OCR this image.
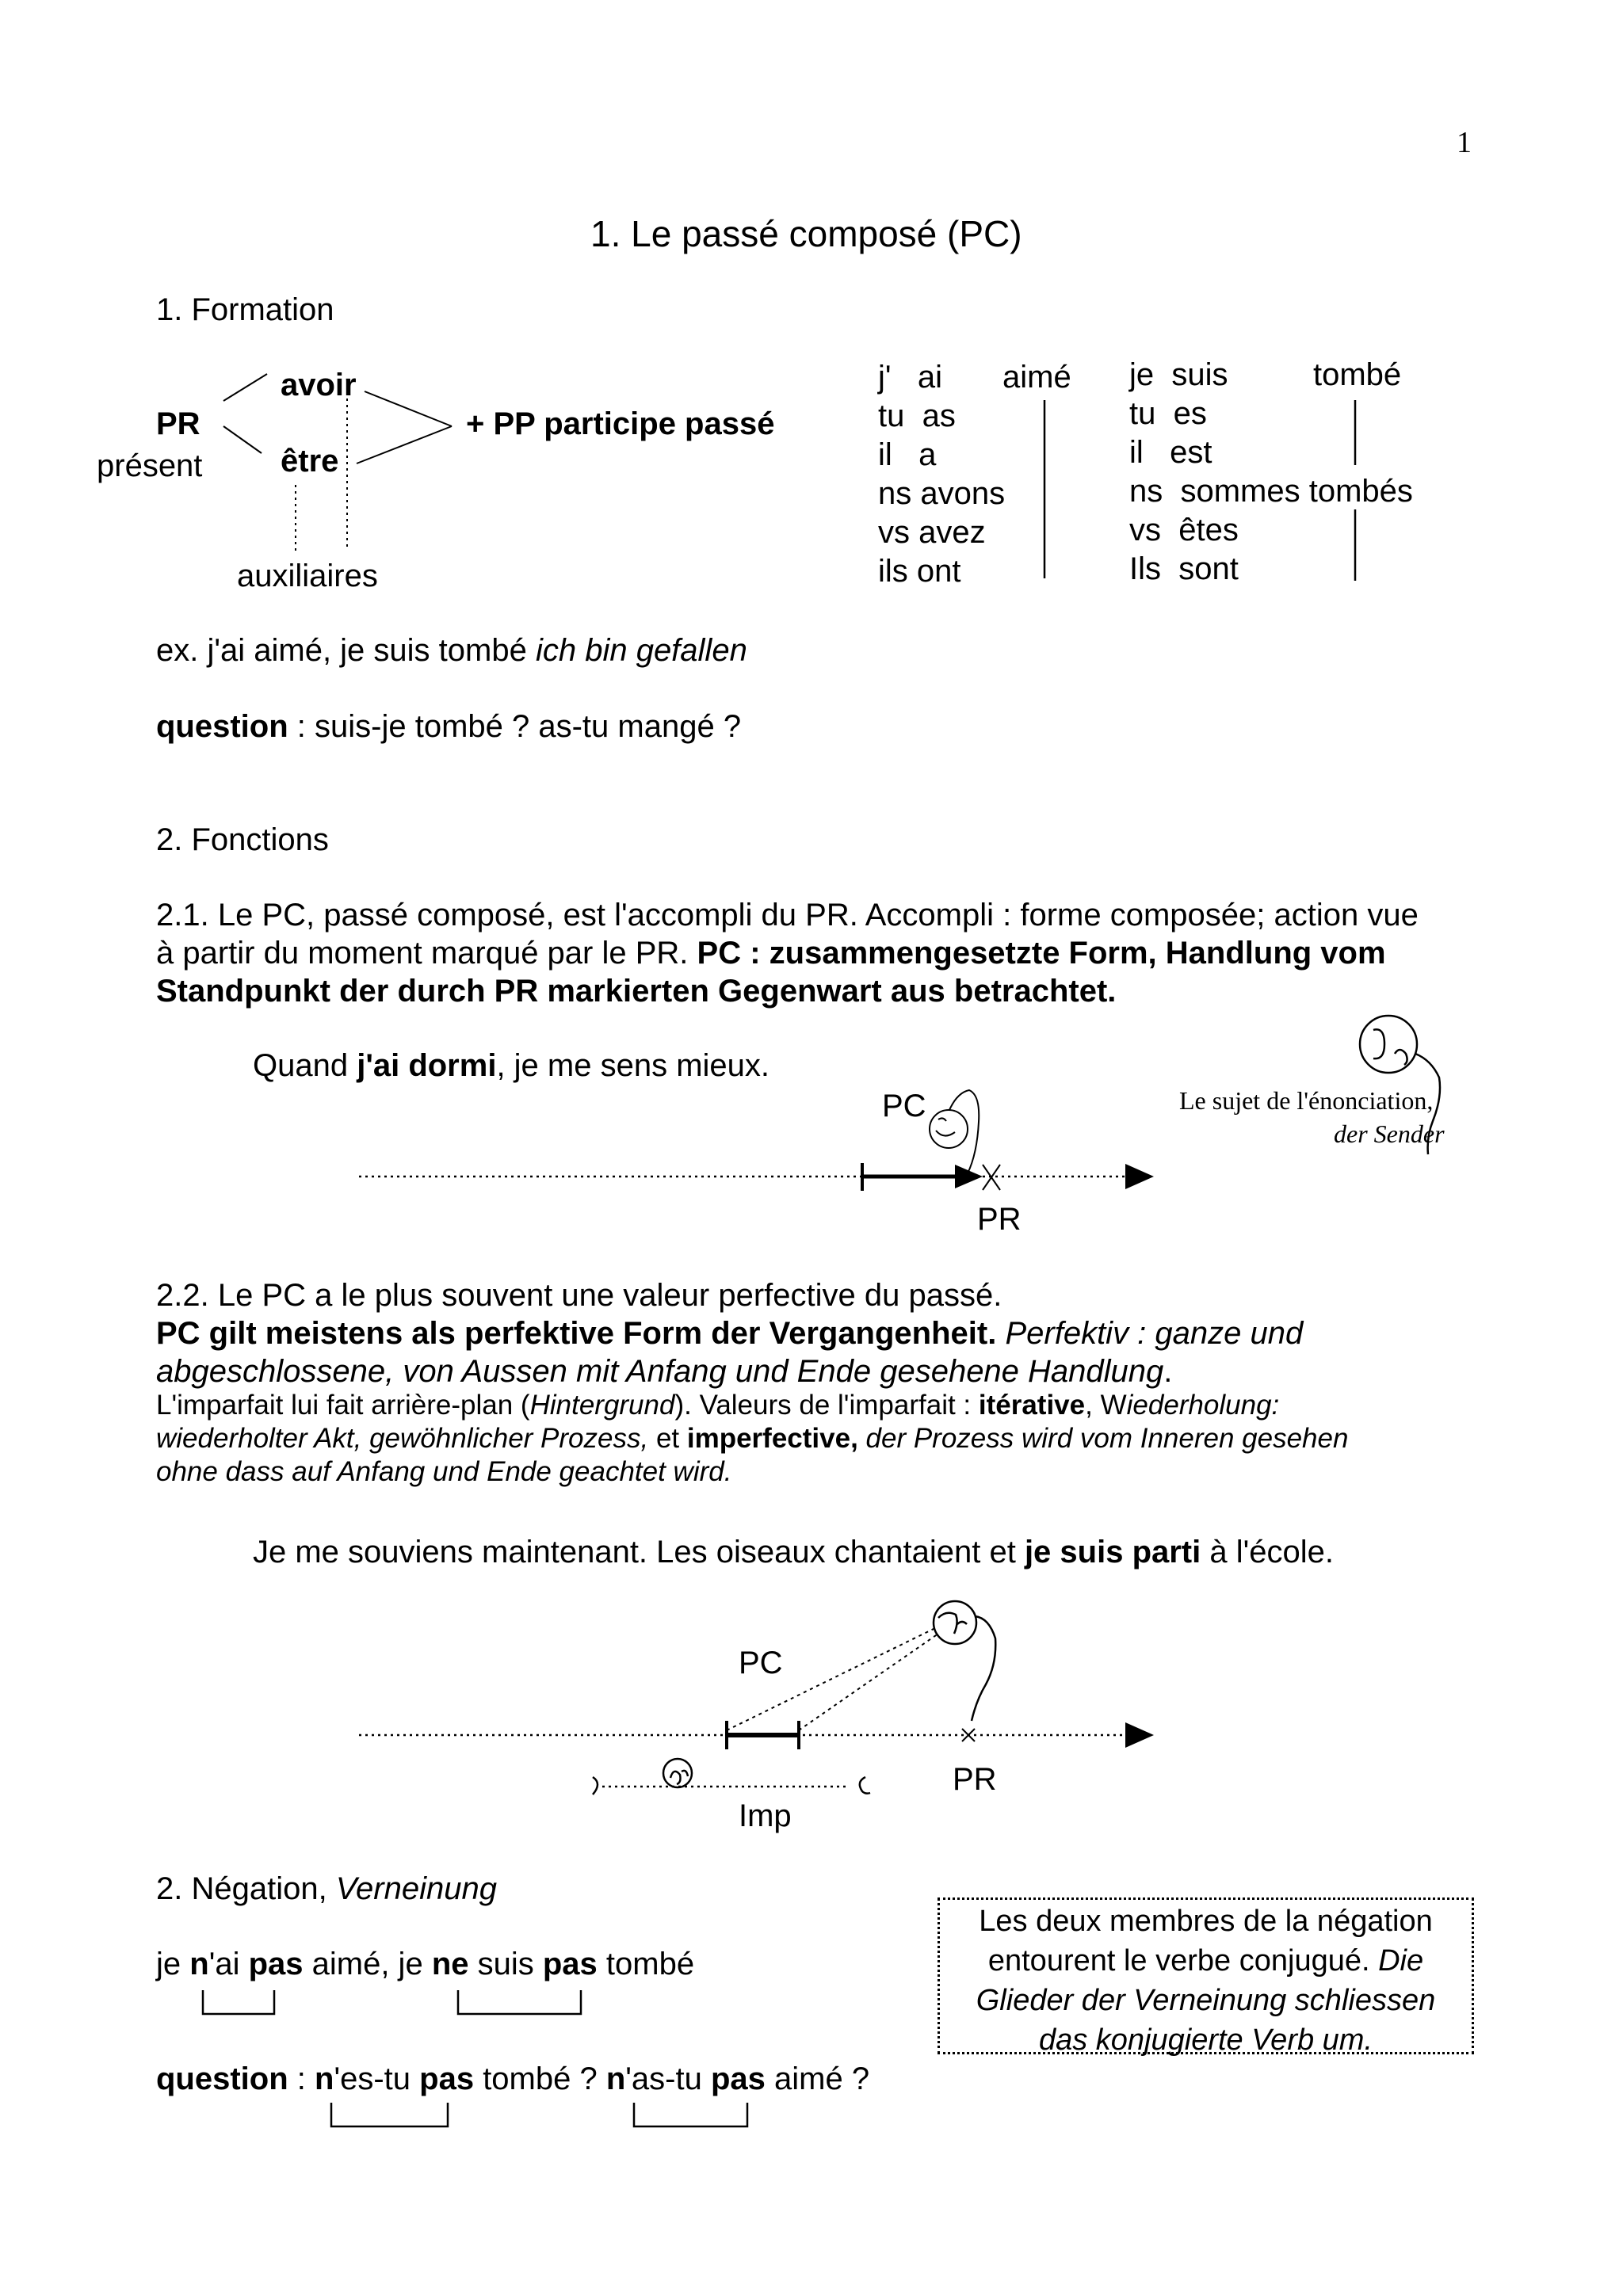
1
1. Le passé composé (PC)
1. Formation
avoir
PR
présent être
+ PP participe passé
auxiliaires
j'   ai
tu  as
il   a
ns avons
vs avez
ils ont
aimé je  suis
tu  es
il   est
ns  sommes tombés
vs  êtes
Ils  sont
tombé
ex. j'ai aimé, je suis tombé ich bin gefallen
question : suis-je tombé ? as-tu mangé ?
2. Fonctions
2.1. Le PC, passé composé, est l'accompli du PR. Accompli : forme composée; action vue
à partir du moment marqué par le PR. PC : zusammengesetzte Form, Handlung vom
Standpunkt der durch PR markierten Gegenwart aus betrachtet.
Quand j'ai dormi, je me sens mieux.
PC
PR
Le sujet de l'énonciation,
der Sender
2.2. Le PC a le plus souvent une valeur perfective du passé.
PC gilt meistens als perfektive Form der Vergangenheit. Perfektiv : ganze und
abgeschlossene, von Aussen mit Anfang und Ende gesehene Handlung.
L'imparfait lui fait arrière-plan (Hintergrund). Valeurs de l'imparfait : itérative, Wiederholung:
wiederholter Akt, gewöhnlicher Prozess, et imperfective, der Prozess wird vom Inneren gesehen
ohne dass auf Anfang und Ende geachtet wird.
Je me souviens maintenant. Les oiseaux chantaient et je suis parti à l'école.
PC
PR
Imp
2. Négation, Verneinung
je n'ai pas aimé, je ne suis pas tombé
question : n'es-tu pas tombé ? n'as-tu pas aimé ?
Les deux membres de la négation
entourent le verbe conjugué. Die
Glieder der Verneinung schliessen
das konjugierte Verb um.
